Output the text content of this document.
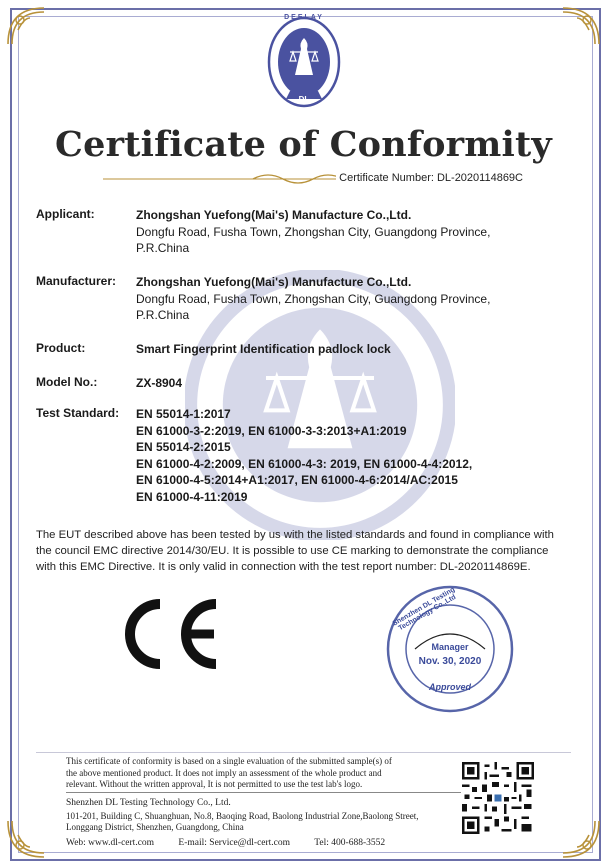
DEELAY
DL
Certificate of Conformity
Certificate Number: DL-2020114869C
Applicant:	Zhongshan Yuefong(Mai's) Manufacture Co.,Ltd.
Dongfu Road, Fusha Town, Zhongshan City, Guangdong Province,
P.R.China
Manufacturer: Zhongshan Yuefong(Mai's) Manufacture Co.,Ltd.
Dongfu Road, Fusha Town, Zhongshan City, Guangdong Province,
P.R.China
Product:	Smart Fingerprint Identification padlock lock
Model No.:	ZX-8904
Test Standard: EN 55014-1:2017
EN 61000-3-2:2019, EN 61000-3-3:2013+A1:2019
EN 55014-2:2015
EN 61000-4-2:2009, EN 61000-4-3: 2019, EN 61000-4-4:2012,
EN 61000-4-5:2014+A1:2017, EN 61000-4-6:2014/AC:2015
EN 61000-4-11:2019
The EUT described above has been tested by us with the listed standards and found in compliance with
the council EMC directive 2014/30/EU. It is possible to use CE marking to demonstrate the compliance
with this EMC Directive. It is only valid in connection with the test report number: DL-2020114869E.
Shenzhen DL Testing Technology Co.,Ltd
Manager
Nov. 30, 2020
Approved
This certificate of conformity is based on a single evaluation of the submitted sample(s) of
the above mentioned product. It does not imply an assessment of the whole product and
relevant. Without the written approval, It is not permitted to use the test lab's logo.
Shenzhen DL Testing Technology Co., Ltd.
101-201, Building C, Shuanghuan, No.8, Baoqing Road, Baolong Industrial Zone,Baolong Street,
Longgang District, Shenzhen, Guangdong, China
Web: www.dl-cert.com	E-mail: Service@dl-cert.com	Tel: 400-688-3552
